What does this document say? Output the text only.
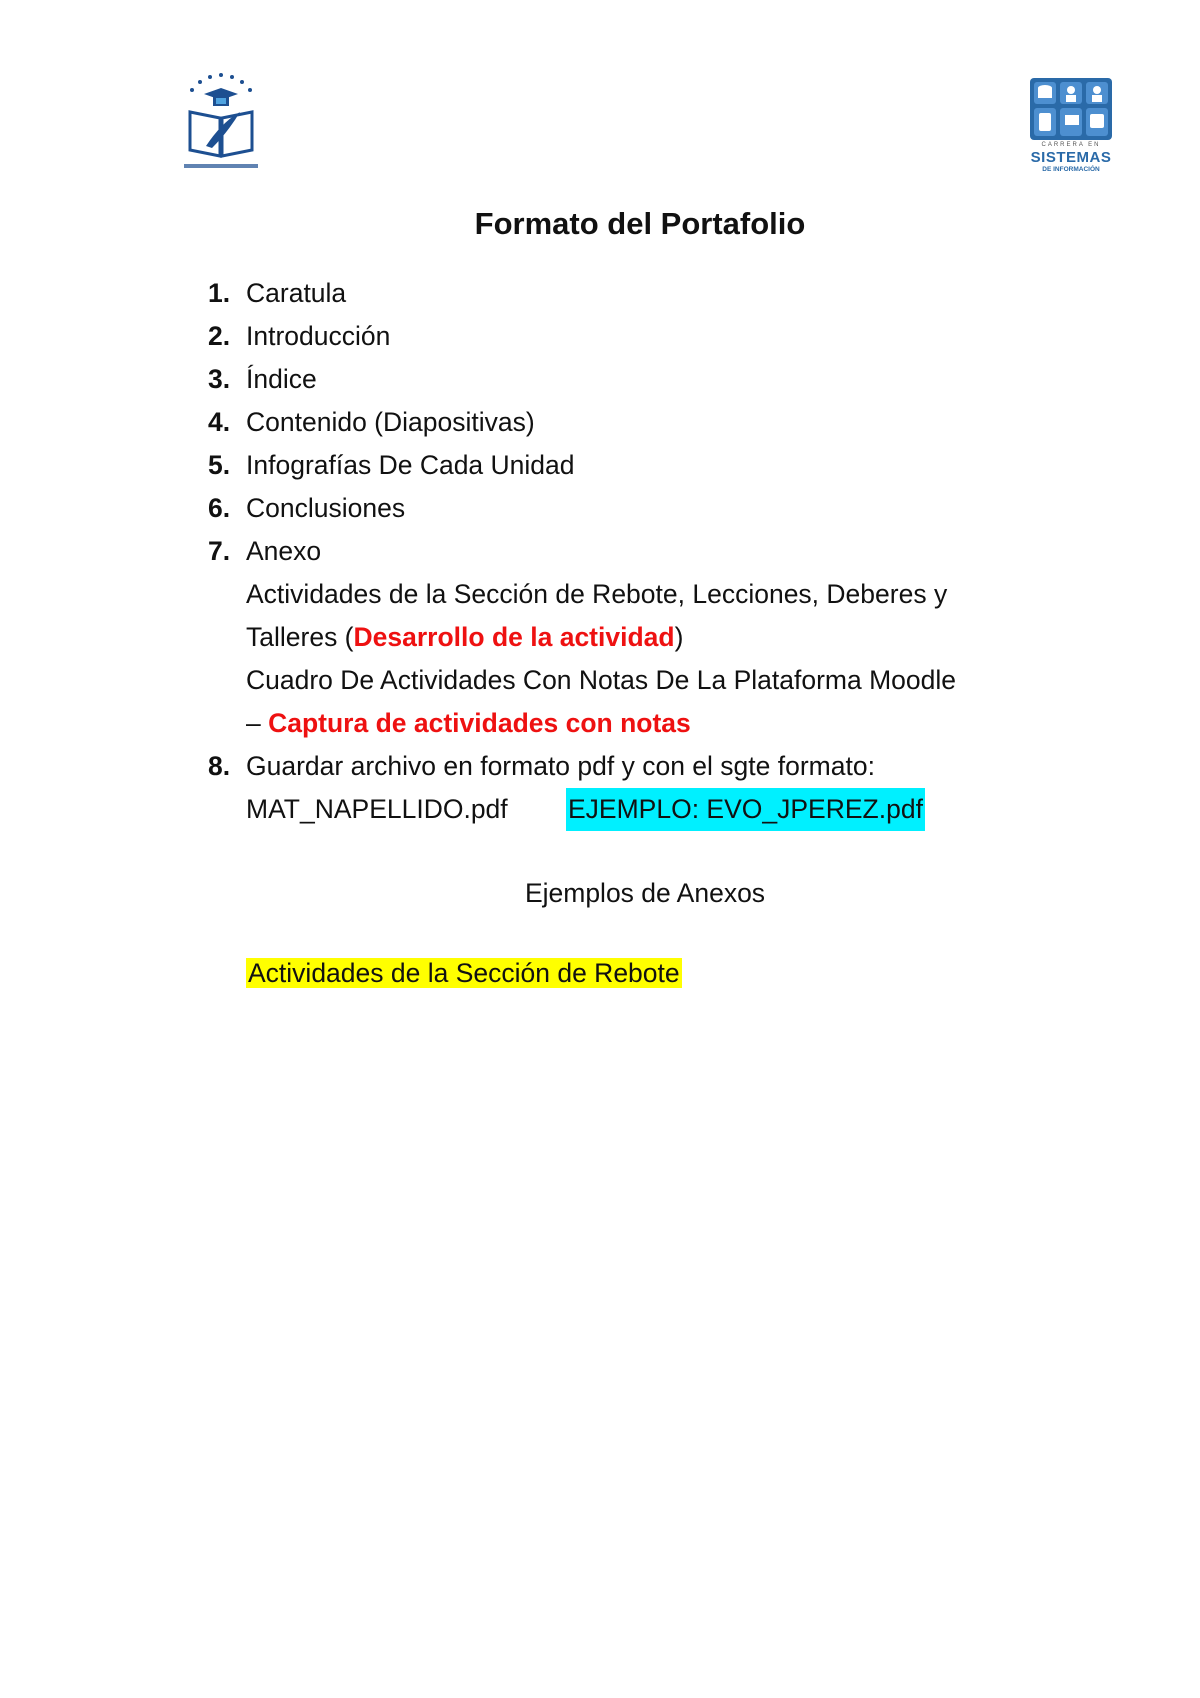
CARRERA EN
SISTEMAS
DE INFORMACIÓN
Formato del Portafolio
1. Caratula
2. Introducción
3. Índice
4. Contenido (Diapositivas)
5. Infografías De Cada Unidad
6. Conclusiones
7. Anexo
Actividades de la Sección de Rebote, Lecciones, Deberes y
Talleres (Desarrollo de la actividad)
Cuadro De Actividades Con Notas De La Plataforma Moodle
– Captura de actividades con notas
8. Guardar archivo en formato pdf y con el sgte formato:
MAT_NAPELLIDO.pdf EJEMPLO: EVO_JPEREZ.pdf
Ejemplos de Anexos
Actividades de la Sección de Rebote
